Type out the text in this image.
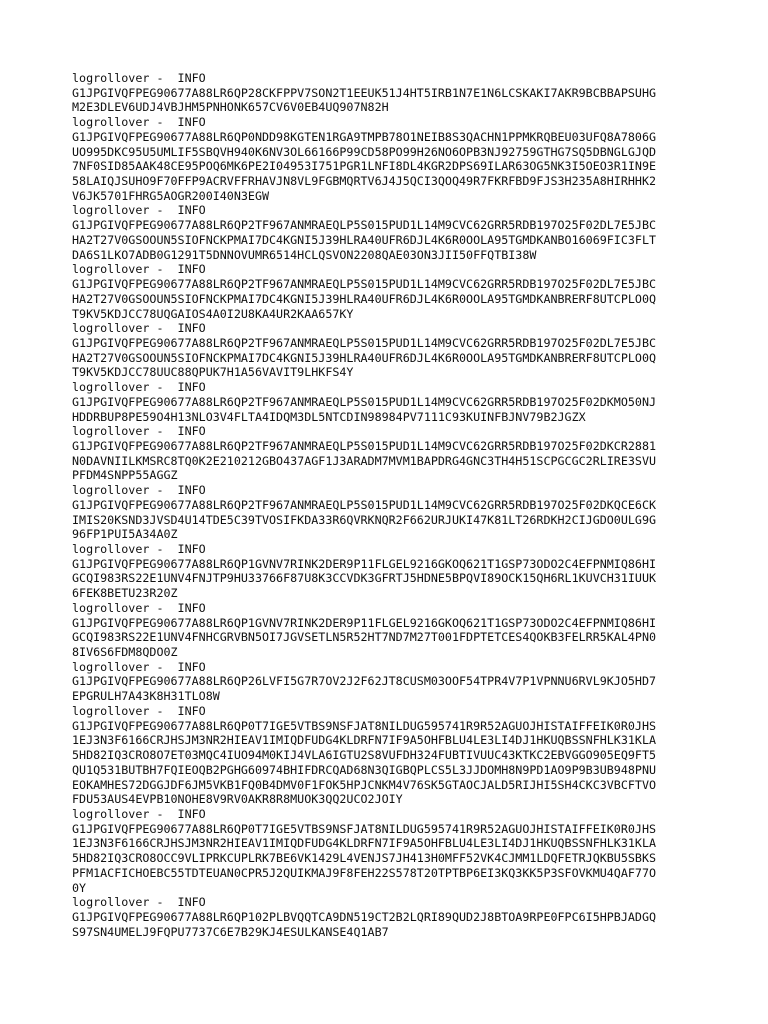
logrollover -  INFO
G1JPGIVQFPEG90677A88LR6QP28CKFPPV7SON2T1EEUK51J4HT5IRB1N7E1N6LCSKAKI7AKR9BCBBAPSUHG
M2E3DLEV6UDJ4VBJHM5PNHONK657CV6V0EB4UQ907N82H
logrollover -  INFO
G1JPGIVQFPEG90677A88LR6QP0NDD98KGTEN1RGA9TMPB78O1NEIB8S3QACHN1PPMKRQBEU03UFQ8A7806G
UO995DKC95U5UMLIF5SBQVH940K6NV3OL66166P99CD58PO99H26NO6OPB3NJ92759GTHG7SQ5DBNGLGJQD
7NF0SID85AAK48CE95POQ6MK6PE2I04953I751PGR1LNFI8DL4KGR2DPS69ILAR63OG5NK3I5OEO3R1IN9E
58LAIQJSUHO9F70FFP9ACRVFFRHAVJN8VL9FGBMQRTV6J4J5QCI3QOQ49R7FKRFBD9FJS3H235A8HIRHHK2
V6JK5701FHRG5AOGR200I40N3EGW
logrollover -  INFO
G1JPGIVQFPEG90677A88LR6QP2TF967ANMRAEQLP5S015PUD1L14M9CVC62GRR5RDB197O25F02DL7E5JBC
HA2T27V0GSOOUN5SIOFNCKPMAI7DC4KGNI5J39HLRA40UFR6DJL4K6R0OOLA95TGMDKANBO16069FIC3FLT
DA6S1LKO7ADB0G1291T5DNNOVUMR6514HCLQSVON2208QAE03ON3JII50FFQTBI38W
logrollover -  INFO
G1JPGIVQFPEG90677A88LR6QP2TF967ANMRAEQLP5S015PUD1L14M9CVC62GRR5RDB197O25F02DL7E5JBC
HA2T27V0GSOOUN5SIOFNCKPMAI7DC4KGNI5J39HLRA40UFR6DJL4K6R0OOLA95TGMDKANBRERF8UTCPLO0Q
T9KV5KDJCC78UQGAIOS4A0I2U8KA4UR2KAA657KY
logrollover -  INFO
G1JPGIVQFPEG90677A88LR6QP2TF967ANMRAEQLP5S015PUD1L14M9CVC62GRR5RDB197O25F02DL7E5JBC
HA2T27V0GSOOUN5SIOFNCKPMAI7DC4KGNI5J39HLRA40UFR6DJL4K6R0OOLA95TGMDKANBRERF8UTCPLO0Q
T9KV5KDJCC78UUC88QPUK7H1A56VAVIT9LHKFS4Y
logrollover -  INFO
G1JPGIVQFPEG90677A88LR6QP2TF967ANMRAEQLP5S015PUD1L14M9CVC62GRR5RDB197O25F02DKMO50NJ
HDDRBUP8PE59O4H13NLO3V4FLTA4IDQM3DL5NTCDIN98984PV7111C93KUINFBJNV79B2JGZX
logrollover -  INFO
G1JPGIVQFPEG90677A88LR6QP2TF967ANMRAEQLP5S015PUD1L14M9CVC62GRR5RDB197O25F02DKCR2881
N0DAVNIILKMSRC8TQ0K2E210212GBO437AGF1J3ARADM7MVM1BAPDRG4GNC3TH4H51SCPGCGC2RLIRE3SVU
PFDM4SNPP55AGGZ
logrollover -  INFO
G1JPGIVQFPEG90677A88LR6QP2TF967ANMRAEQLP5S015PUD1L14M9CVC62GRR5RDB197O25F02DKQCE6CK
IMIS20KSND3JVSD4U14TDE5C39TVOSIFKDA33R6QVRKNQR2F662URJUKI47K81LT26RDKH2CIJGDO0ULG9G
96FP1PUI5A34A0Z
logrollover -  INFO
G1JPGIVQFPEG90677A88LR6QP1GVNV7RINK2DER9P11FLGEL9216GKOQ621T1GSP73ODO2C4EFPNMIQ86HI
GCQI983RS22E1UNV4FNJTP9HU33766F87U8K3CCVDK3GFRTJ5HDNE5BPQVI89OCK15QH6RL1KUVCH31IUUK
6FEK8BETU23R20Z
logrollover -  INFO
G1JPGIVQFPEG90677A88LR6QP1GVNV7RINK2DER9P11FLGEL9216GKOQ621T1GSP73ODO2C4EFPNMIQ86HI
GCQI983RS22E1UNV4FNHCGRVBN5OI7JGVSETLN5R52HT7ND7M27T001FDPTETCES4QOKB3FELRR5KAL4PN0
8IV6S6FDM8QDO0Z
logrollover -  INFO
G1JPGIVQFPEG90677A88LR6QP26LVFI5G7R7OV2J2F62JT8CUSM03OOF54TPR4V7P1VPNNU6RVL9KJO5HD7
EPGRULH7A43K8H31TLO8W
logrollover -  INFO
G1JPGIVQFPEG90677A88LR6QP0T7IGE5VTBS9NSFJAT8NILDUG595741R9R52AGUOJHISTAIFFEIK0R0JHS
1EJ3N3F6166CRJHSJM3NR2HIEAV1IMIQDFUDG4KLDRFN7IF9A5OHFBLU4LE3LI4DJ1HKUQBSSNFHLK31KLA
5HD82IQ3CRO8O7ET03MQC4IUO94M0KIJ4VLA6IGTU2S8VUFDH324FUBTIVUUC43KTKC2EBVGGO905EQ9FT5
QU1Q531BUTBH7FQIEOQB2PGHG60974BHIFDRCQAD68N3QIGBQPLCS5L3JJDOMH8N9PD1AO9P9B3UB948PNU
EOKAMHES72DGGJDF6JM5VKB1FQ0B4DMV0F1FOK5HPJCNKM4V76SK5GTAOCJALD5RIJHI5SH4CKC3VBCFTVO
FDU53AUS4EVPB10NOHE8V9RV0AKR8R8MUOK3QQ2UCO2JOIY
logrollover -  INFO
G1JPGIVQFPEG90677A88LR6QP0T7IGE5VTBS9NSFJAT8NILDUG595741R9R52AGUOJHISTAIFFEIK0R0JHS
1EJ3N3F6166CRJHSJM3NR2HIEAV1IMIQDFUDG4KLDRFN7IF9A5OHFBLU4LE3LI4DJ1HKUQBSSNFHLK31KLA
5HD82IQ3CRO8OCC9VLIPRKCUPLRK7BE6VK1429L4VENJS7JH413H0MFF52VK4CJMM1LDQFETRJQKBU5SBKS
PFM1ACFICHOEBC55TDTEUAN0CPR5J2QUIKMAJ9F8FEH22S578T20TPTBP6EI3KQ3KK5P3SFOVKMU4QAF77O
0Y
logrollover -  INFO
G1JPGIVQFPEG90677A88LR6QP102PLBVQQTCA9DN519CT2B2LQRI89QUD2J8BTOA9RPE0FPC6I5HPBJADGQ
S97SN4UMELJ9FQPU7737C6E7B29KJ4ESULKANSE4Q1AB7
